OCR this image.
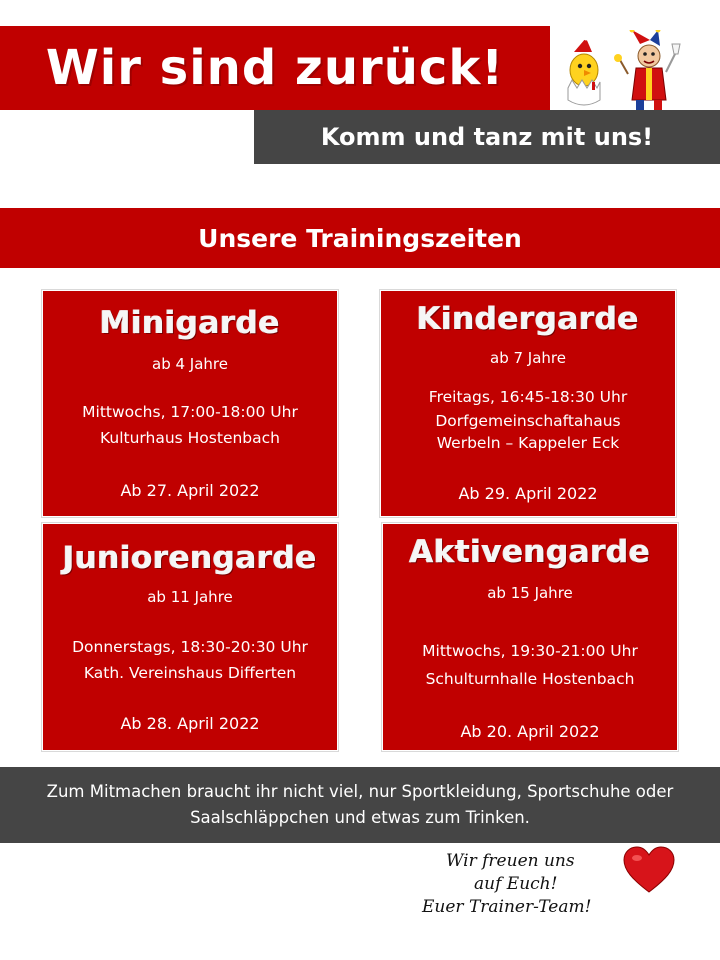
Wir sind zurück!
Komm und tanz mit uns!
Unsere Trainingszeiten
Minigarde
ab 4 Jahre
Mittwochs, 17:00-18:00 Uhr
Kulturhaus Hostenbach
Ab 27. April 2022
Kindergarde
ab 7 Jahre
Freitags, 16:45-18:30 Uhr
Dorfgemeinschaftahaus
Werbeln – Kappeler Eck
Ab 29. April 2022
Juniorengarde
ab 11 Jahre
Donnerstags, 18:30-20:30 Uhr
Kath. Vereinshaus Differten
Ab 28. April 2022
Aktivengarde
ab 15 Jahre
Mittwochs, 19:30-21:00 Uhr
Schulturnhalle Hostenbach
Ab 20. April 2022
Zum Mitmachen braucht ihr nicht viel, nur Sportkleidung, Sportschuhe oder Saalschläppchen und etwas zum Trinken.
Wir freuen uns
auf Euch!
Euer Trainer-Team!
